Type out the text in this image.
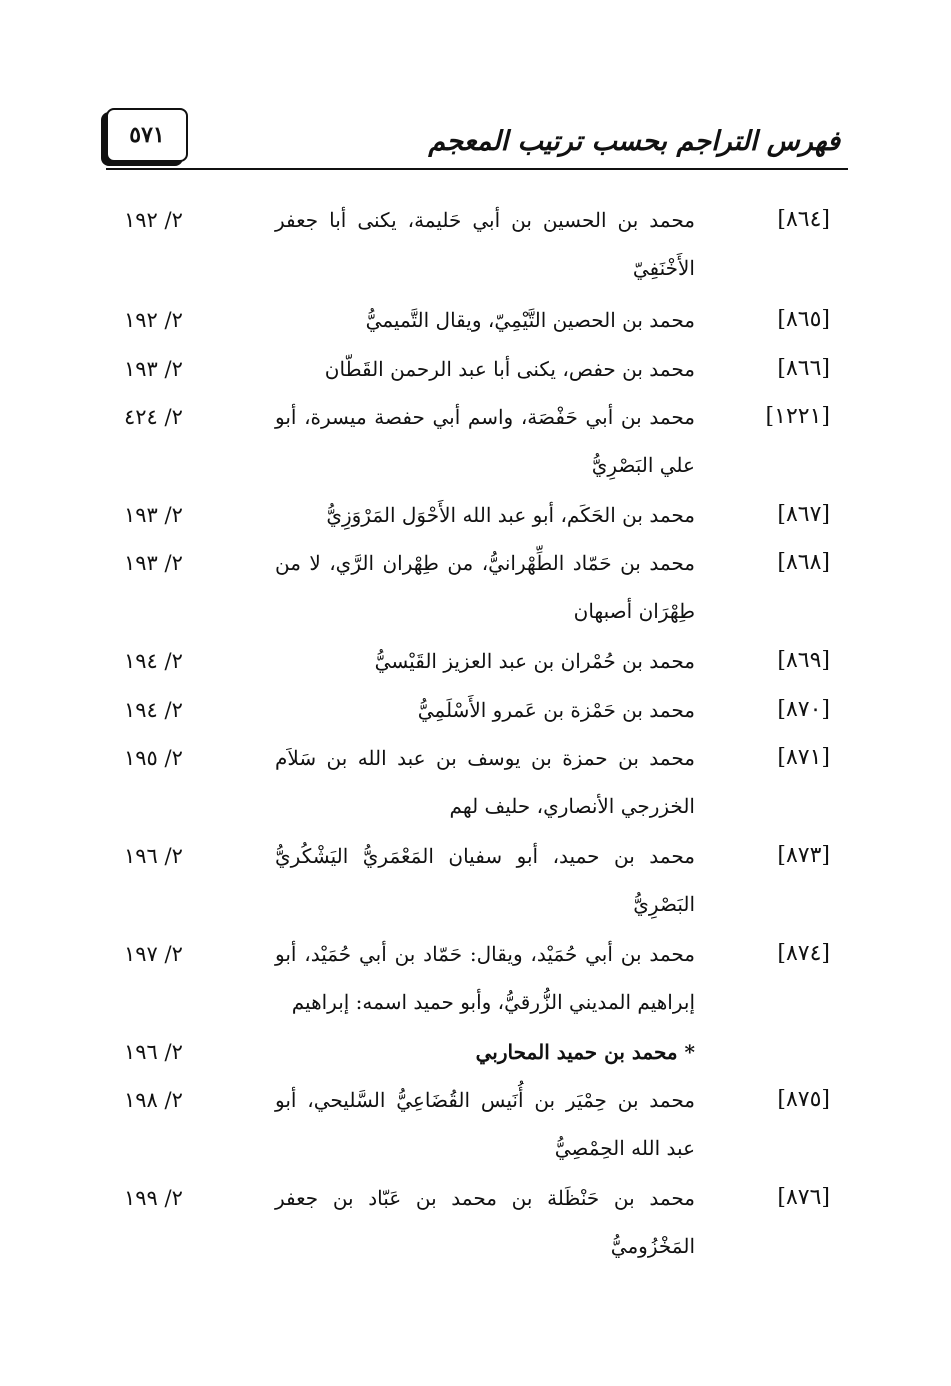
فهرس التراجم بحسب ترتيب المعجم
٥٧١
[٨٦٤]
محمد بن الحسين بن أبي حَليمة، يكنى أبا جعفر الأَخْنَفِيّ
٢/ ١٩٢
[٨٦٥]
محمد بن الحصين التَّيْمِيّ، ويقال التَّميميُّ
٢/ ١٩٢
[٨٦٦]
محمد بن حفص، يكنى أبا عبد الرحمن القَطّان
٢/ ١٩٣
[١٢٢١]
محمد بن أبي حَفْصَة، واسم أبي حفصة ميسرة، أبو علي البَصْرِيُّ
٢/ ٤٢٤
[٨٦٧]
محمد بن الحَكَم، أبو عبد الله الأَحْوَل المَرْوَزِيُّ
٢/ ١٩٣
[٨٦٨]
محمد بن حَمّاد الطِّهْرانيُّ، من طِهْران الرَّي، لا من طِهْرَان أصبهان
٢/ ١٩٣
[٨٦٩]
محمد بن حُمْران بن عبد العزيز القَيْسيُّ
٢/ ١٩٤
[٨٧٠]
محمد بن حَمْزة بن عَمرو الأَسْلَمِيُّ
٢/ ١٩٤
[٨٧١]
محمد بن حمزة بن يوسف بن عبد الله بن سَلاَم الخزرجي الأنصاري، حليف لهم
٢/ ١٩٥
[٨٧٣]
محمد بن حميد، أبو سفيان المَعْمَريُّ اليَشْكُريُّ البَصْرِيُّ
٢/ ١٩٦
[٨٧٤]
محمد بن أبي حُمَيْد، ويقال: حَمّاد بن أبي حُمَيْد، أبو إبراهيم المديني الزُّرقيُّ، وأبو حميد اسمه: إبراهيم
٢/ ١٩٧
* محمد بن حميد المحاربي
٢/ ١٩٦
[٨٧٥]
محمد بن حِمْيَر بن أُنَيس القُضَاعِيُّ السَّليحي، أبو عبد الله الحِمْصِيُّ
٢/ ١٩٨
[٨٧٦]
محمد بن حَنْظَلة بن محمد بن عَبّاد بن جعفر المَخْزُوميُّ
٢/ ١٩٩
